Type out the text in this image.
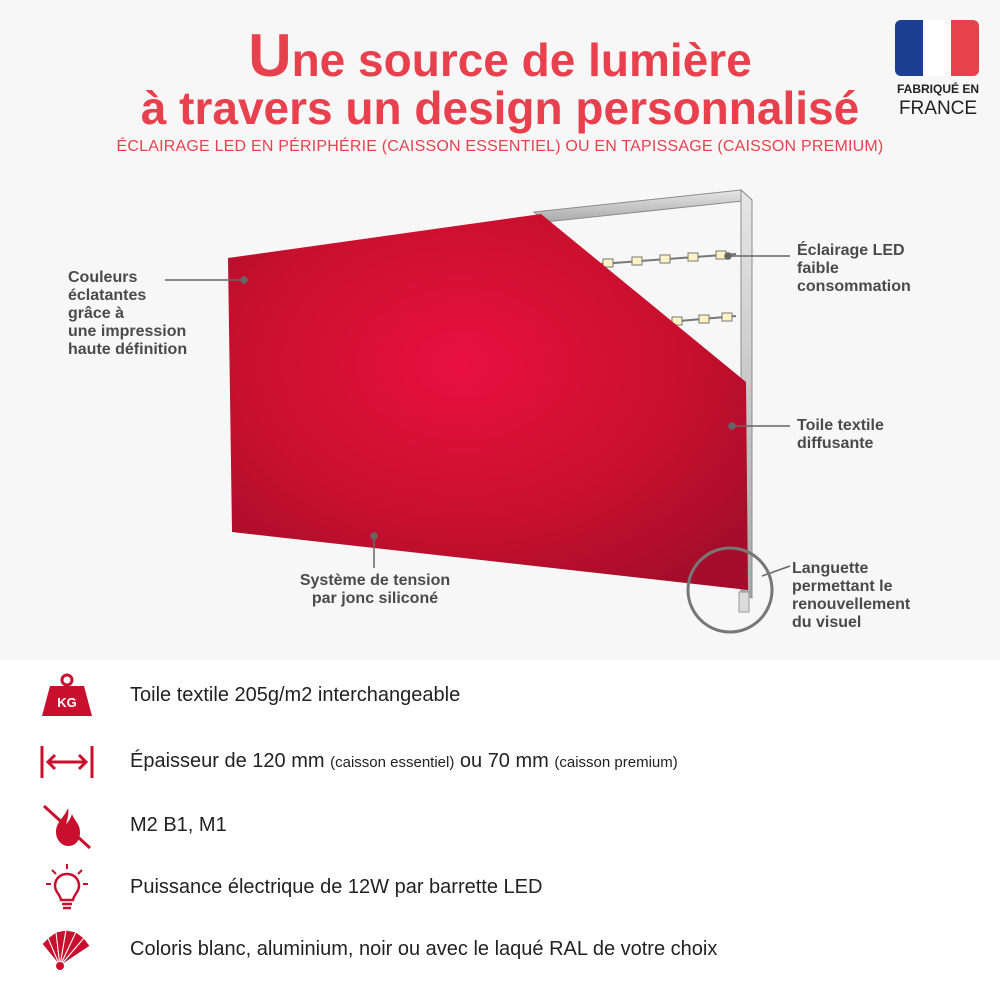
Une source de lumière
à travers un design personnalisé
ÉCLAIRAGE LED EN PÉRIPHÉRIE (CAISSON ESSENTIEL) OU EN TAPISSAGE (CAISSON PREMIUM)
FABRIQUÉ EN
FRANCE
Couleurs
éclatantes
grâce à
une impression
haute définition
Éclairage LED
faible
consommation
Toile textile
diffusante
Système de tension
par jonc siliconé
Languette
permettant le
renouvellement
du visuel
KG	Toile textile 205g/m2 interchangeable
Épaisseur de 120 mm (caisson essentiel) ou 70 mm (caisson premium)
M2 B1, M1
Puissance électrique de 12W par barrette LED
Coloris blanc, aluminium, noir ou avec le laqué RAL de votre choix
